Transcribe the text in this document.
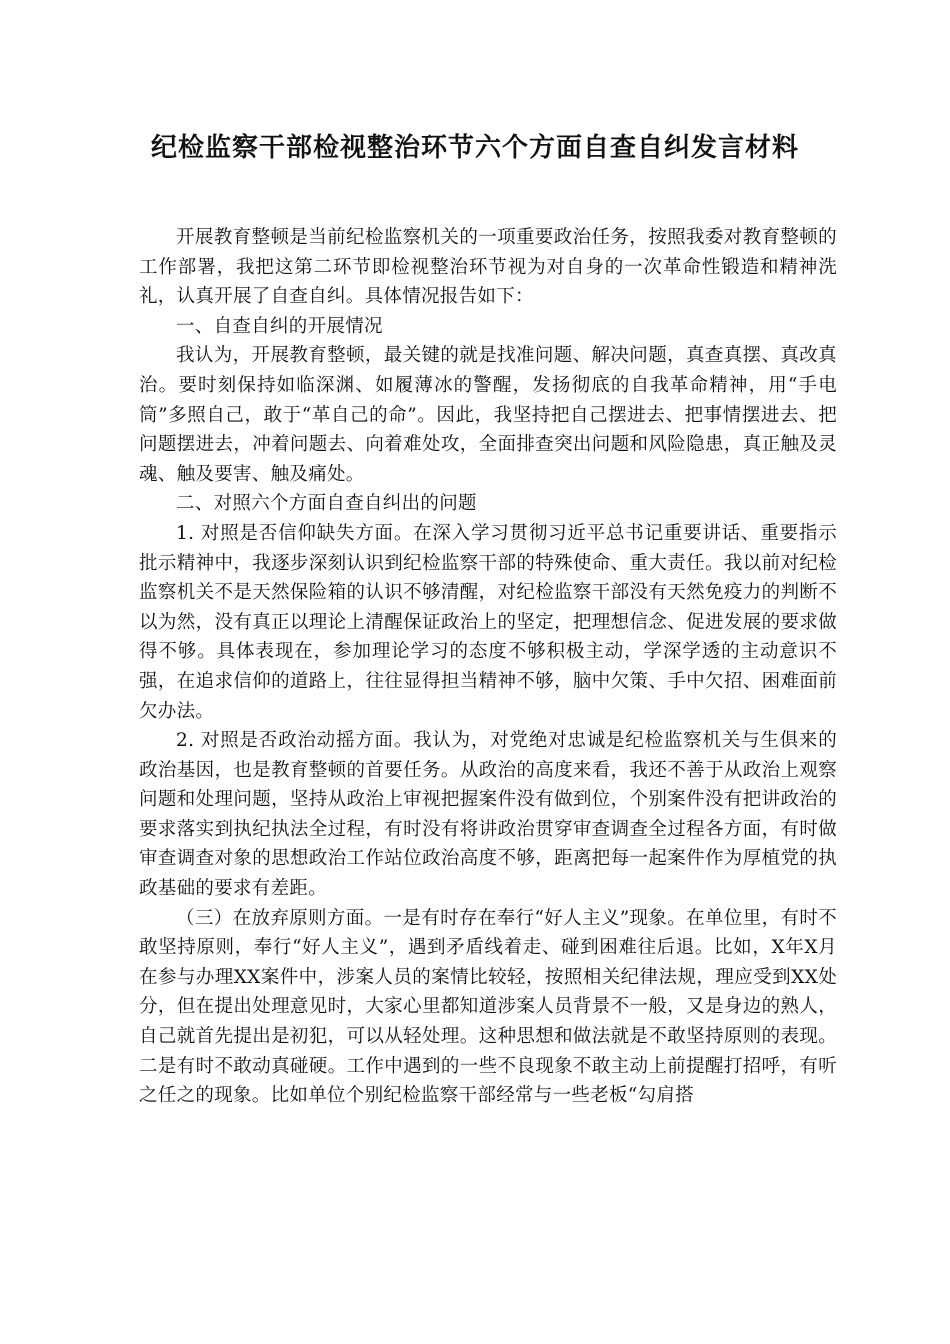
纪检监察干部检视整治环节六个方面自查自纠发言材料

开展教育整顿是当前纪检监察机关的一项重要政治任务，按照我委对教育整顿的工作部署，我把这第二环节即检视整治环节视为对自身的一次革命性锻造和精神洗礼，认真开展了自查自纠。具体情况报告如下：

一、自查自纠的开展情况

我认为，开展教育整顿，最关键的就是找准问题、解决问题，真查真摆、真改真治。要时刻保持如临深渊、如履薄冰的警醒，发扬彻底的自我革命精神，用“手电筒”多照自己，敢于“革自己的命”。因此，我坚持把自己摆进去、把事情摆进去、把问题摆进去，冲着问题去、向着难处攻，全面排查突出问题和风险隐患，真正触及灵魂、触及要害、触及痛处。

二、对照六个方面自查自纠出的问题

1. 对照是否信仰缺失方面。在深入学习贯彻习近平总书记重要讲话、重要指示批示精神中，我逐步深刻认识到纪检监察干部的特殊使命、重大责任。我以前对纪检监察机关不是天然保险箱的认识不够清醒，对纪检监察干部没有天然免疫力的判断不以为然，没有真正以理论上清醒保证政治上的坚定，把理想信念、促进发展的要求做得不够。具体表现在，参加理论学习的态度不够积极主动，学深学透的主动意识不强，在追求信仰的道路上，往往显得担当精神不够，脑中欠策、手中欠招、困难面前欠办法。

2. 对照是否政治动摇方面。我认为，对党绝对忠诚是纪检监察机关与生俱来的政治基因，也是教育整顿的首要任务。从政治的高度来看，我还不善于从政治上观察问题和处理问题，坚持从政治上审视把握案件没有做到位，个别案件没有把讲政治的要求落实到执纪执法全过程，有时没有将讲政治贯穿审查调查全过程各方面，有时做审查调查对象的思想政治工作站位政治高度不够，距离把每一起案件作为厚植党的执政基础的要求有差距。

（三）在放弃原则方面。一是有时存在奉行“好人主义”现象。在单位里，有时不敢坚持原则，奉行“好人主义”，遇到矛盾线着走、碰到困难往后退。比如，X年X月在参与办理XX案件中，涉案人员的案情比较轻，按照相关纪律法规，理应受到XX处分，但在提出处理意见时，大家心里都知道涉案人员背景不一般，又是身边的熟人，自己就首先提出是初犯，可以从轻处理。这种思想和做法就是不敢坚持原则的表现。二是有时不敢动真碰硬。工作中遇到的一些不良现象不敢主动上前提醒打招呼，有听之任之的现象。比如单位个别纪检监察干部经常与一些老板“勾肩搭
